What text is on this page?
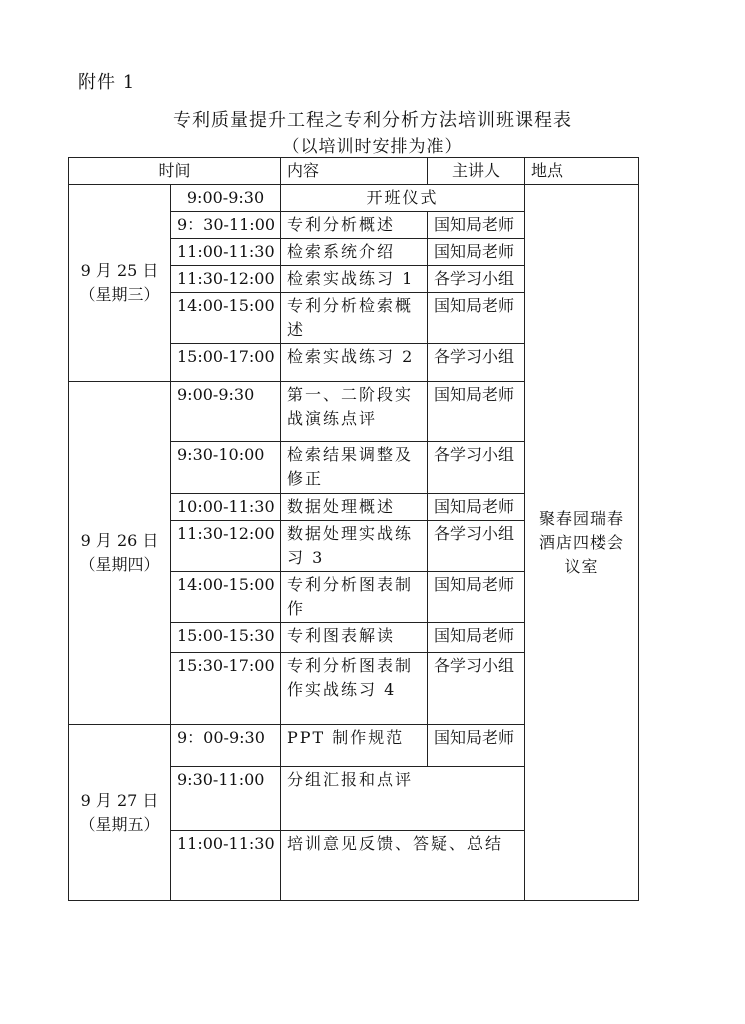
附件 1
专利质量提升工程之专利分析方法培训班课程表
（以培训时安排为准）
时间		内容	主讲人	地点

9 月 25 日
（星期三）	9:00-9:30	开班仪式		聚春园瑞春酒店四楼会议室
	9：30-11:00	专利分析概述	国知局老师	
	11:00-11:30	检索系统介绍	国知局老师	
	11:30-12:00	检索实战练习 1	各学习小组	
	14:00-15:00	专利分析检索概述	国知局老师	
	15:00-17:00	检索实战练习 2	各学习小组	

9 月 26 日
（星期四）	9:00-9:30	第一、二阶段实战演练点评	国知局老师	
	9:30-10:00	检索结果调整及修正	各学习小组	
	10:00-11:30	数据处理概述	国知局老师	
	11:30-12:00	数据处理实战练习 3	各学习小组	
	14:00-15:00	专利分析图表制作	国知局老师	
	15:00-15:30	专利图表解读	国知局老师	
	15:30-17:00	专利分析图表制作实战练习 4	各学习小组	

9 月 27 日
（星期五）	9：00-9:30	PPT 制作规范	国知局老师	
	9:30-11:00	分组汇报和点评		
	11:00-11:30	培训意见反馈、答疑、总结		
